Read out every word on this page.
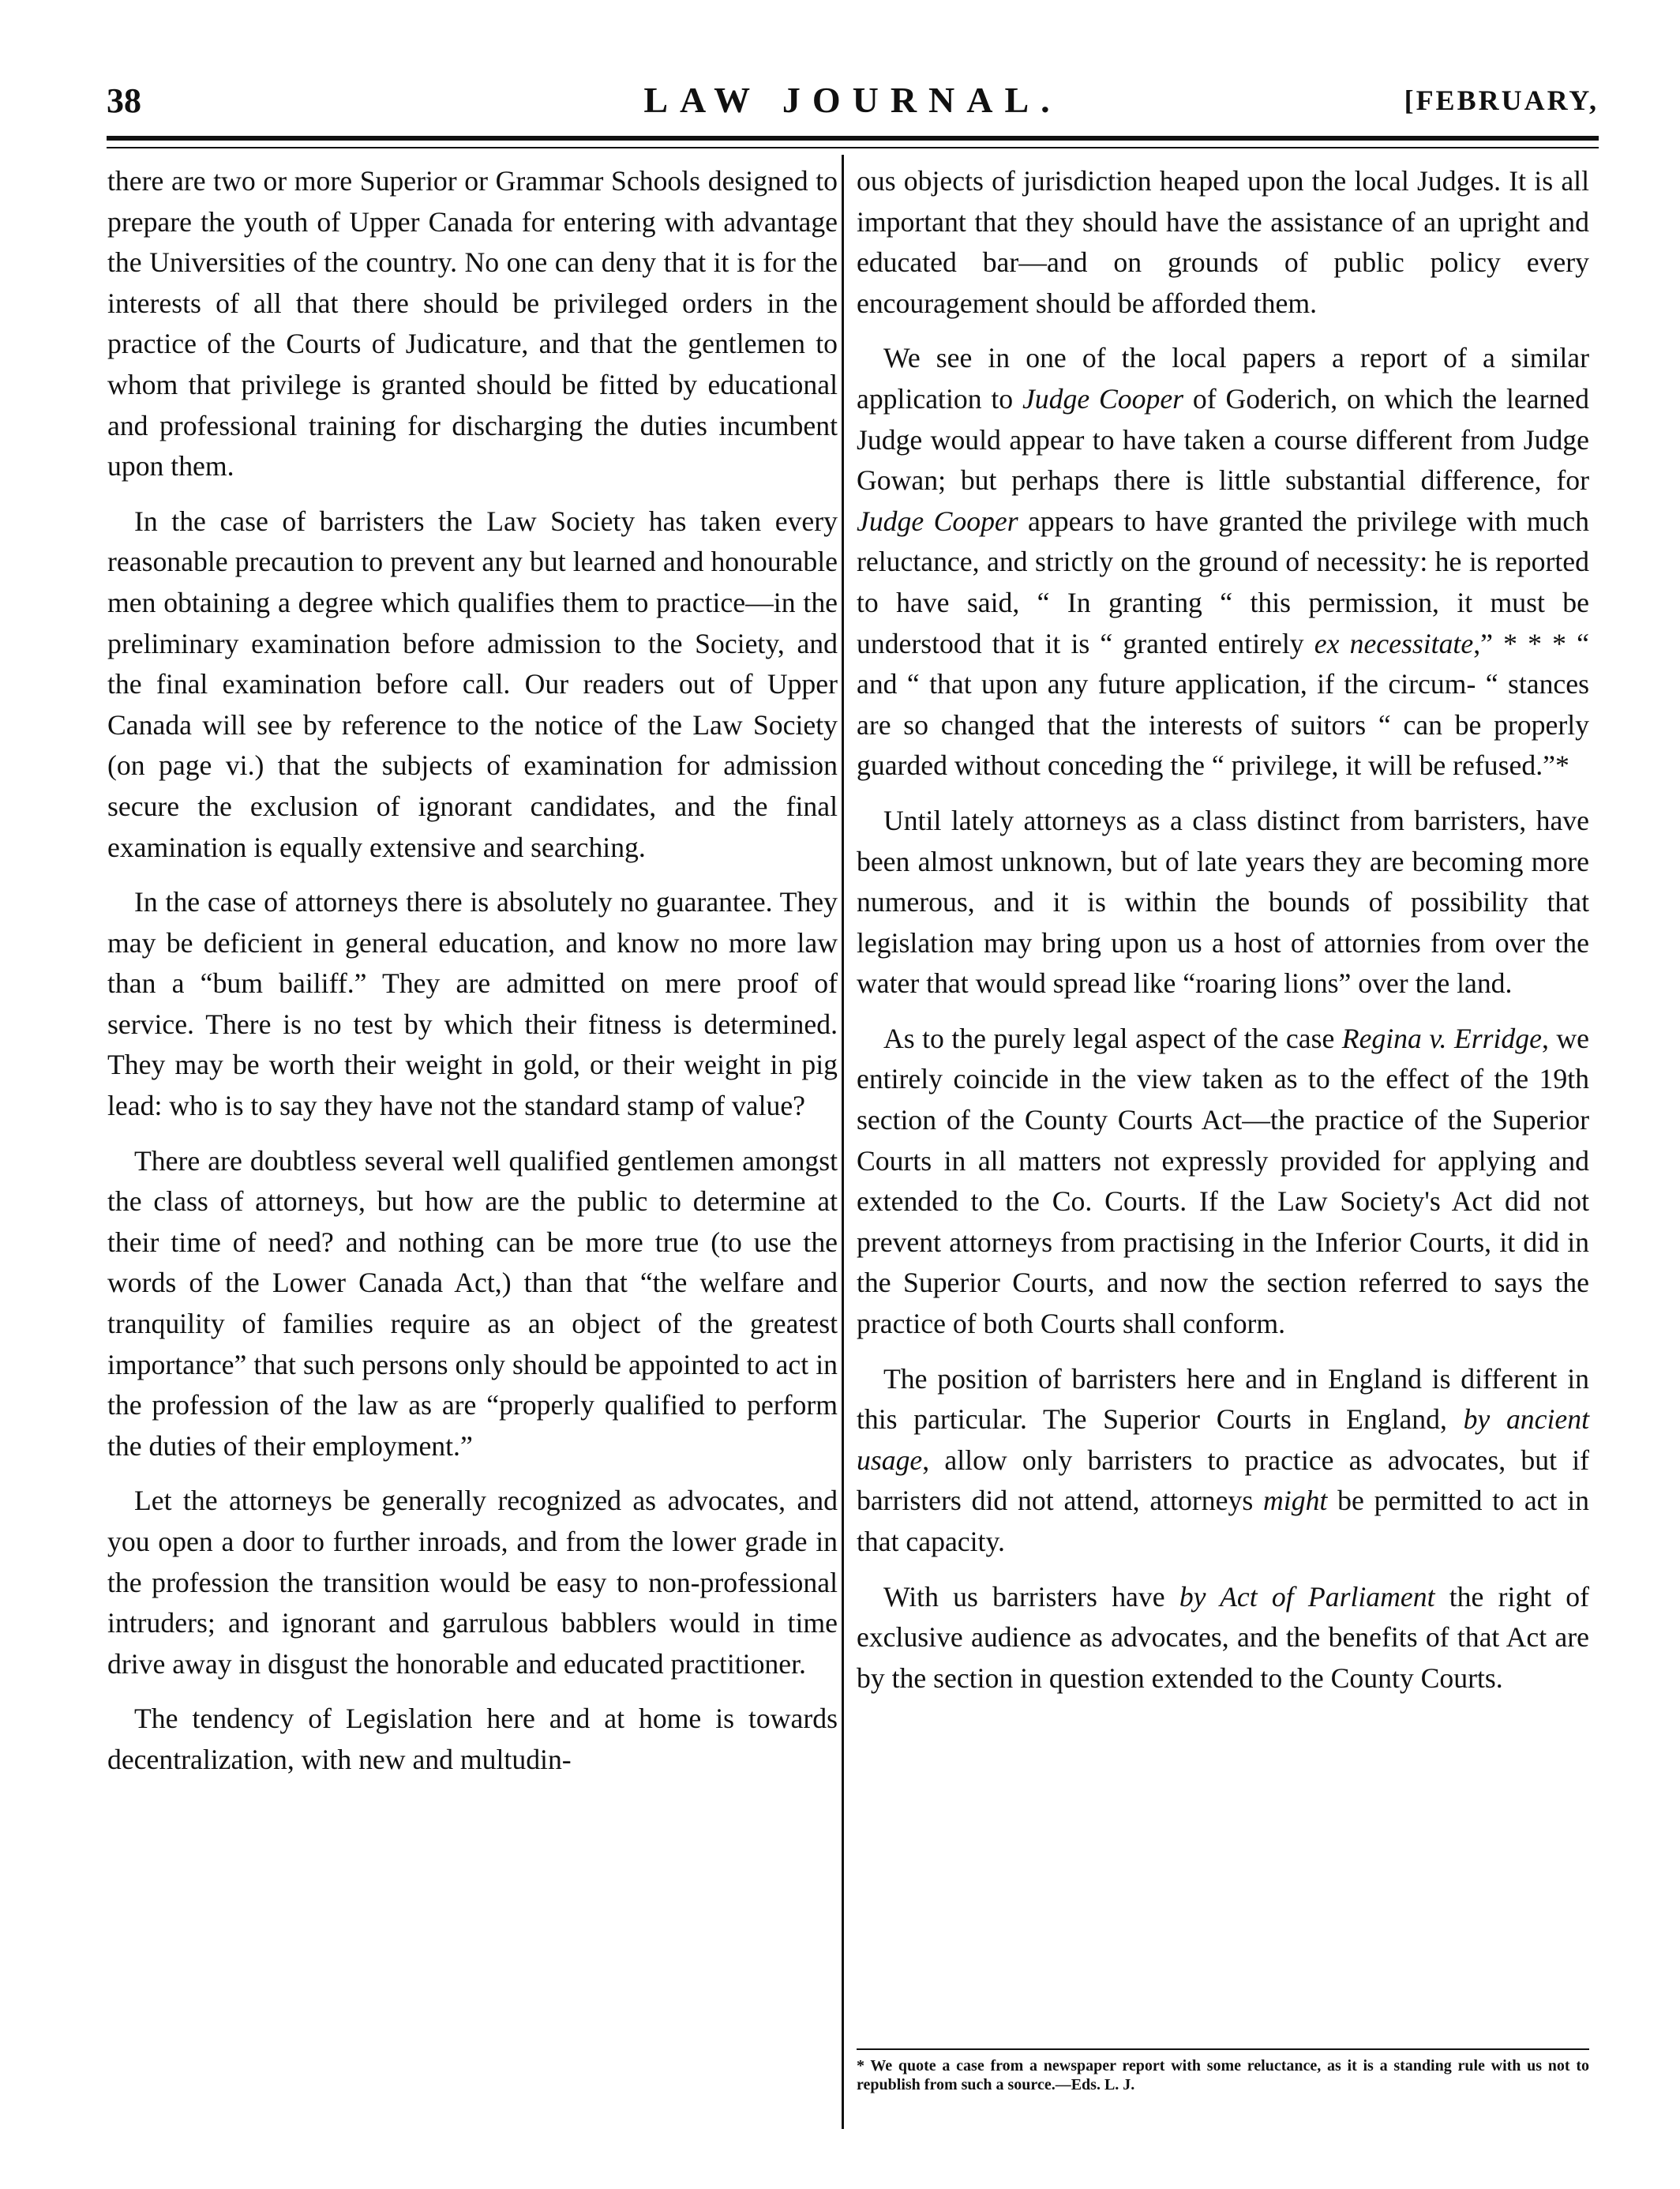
38	LAW JOURNAL.	[FEBRUARY,

there are two or more Superior or Grammar Schools designed to prepare the youth of Upper Canada for entering with advantage the Universities of the country. No one can deny that it is for the interests of all that there should be privileged orders in the practice of the Courts of Judicature, and that the gentlemen to whom that privilege is granted should be fitted by educational and professional training for discharging the duties incumbent upon them.

In the case of barristers the Law Society has taken every reasonable precaution to prevent any but learned and honourable men obtaining a degree which qualifies them to practice—in the preliminary examination before admission to the Society, and the final examination before call. Our readers out of Upper Canada will see by reference to the notice of the Law Society (on page vi.) that the subjects of examination for admission secure the exclusion of ignorant candidates, and the final examination is equally extensive and searching.

In the case of attorneys there is absolutely no guarantee. They may be deficient in general education, and know no more law than a “bum bailiff.” They are admitted on mere proof of service. There is no test by which their fitness is determined. They may be worth their weight in gold, or their weight in pig lead: who is to say they have not the standard stamp of value?

There are doubtless several well qualified gentlemen amongst the class of attorneys, but how are the public to determine at their time of need? and nothing can be more true (to use the words of the Lower Canada Act,) than that “the welfare and tranquility of families require as an object of the greatest importance” that such persons only should be appointed to act in the profession of the law as are “properly qualified to perform the duties of their employment.”

Let the attorneys be generally recognized as advocates, and you open a door to further inroads, and from the lower grade in the profession the transition would be easy to non-professional intruders; and ignorant and garrulous babblers would in time drive away in disgust the honorable and educated practitioner.

The tendency of Legislation here and at home is towards decentralization, with new and multudin-

ous objects of jurisdiction heaped upon the local Judges. It is all important that they should have the assistance of an upright and educated bar—and on grounds of public policy every encouragement should be afforded them.

We see in one of the local papers a report of a similar application to Judge Cooper of Goderich, on which the learned Judge would appear to have taken a course different from Judge Gowan; but perhaps there is little substantial difference, for Judge Cooper appears to have granted the privilege with much reluctance, and strictly on the ground of necessity: he is reported to have said, “ In granting “ this permission, it must be understood that it is “ granted entirely ex necessitate,” * * * “ and “ that upon any future application, if the circum- “ stances are so changed that the interests of suitors “ can be properly guarded without conceding the “ privilege, it will be refused.”*

Until lately attorneys as a class distinct from barristers, have been almost unknown, but of late years they are becoming more numerous, and it is within the bounds of possibility that legislation may bring upon us a host of attornies from over the water that would spread like “roaring lions” over the land.

As to the purely legal aspect of the case Regina v. Erridge, we entirely coincide in the view taken as to the effect of the 19th section of the County Courts Act—the practice of the Superior Courts in all matters not expressly provided for applying and extended to the Co. Courts. If the Law Society's Act did not prevent attorneys from practising in the Inferior Courts, it did in the Superior Courts, and now the section referred to says the practice of both Courts shall conform.

The position of barristers here and in England is different in this particular. The Superior Courts in England, by ancient usage, allow only barristers to practice as advocates, but if barristers did not attend, attorneys might be permitted to act in that capacity.

With us barristers have by Act of Parliament the right of exclusive audience as advocates, and the benefits of that Act are by the section in question extended to the County Courts.

* We quote a case from a newspaper report with some reluctance, as it is a standing rule with us not to republish from such a source.—Eds. L. J.
